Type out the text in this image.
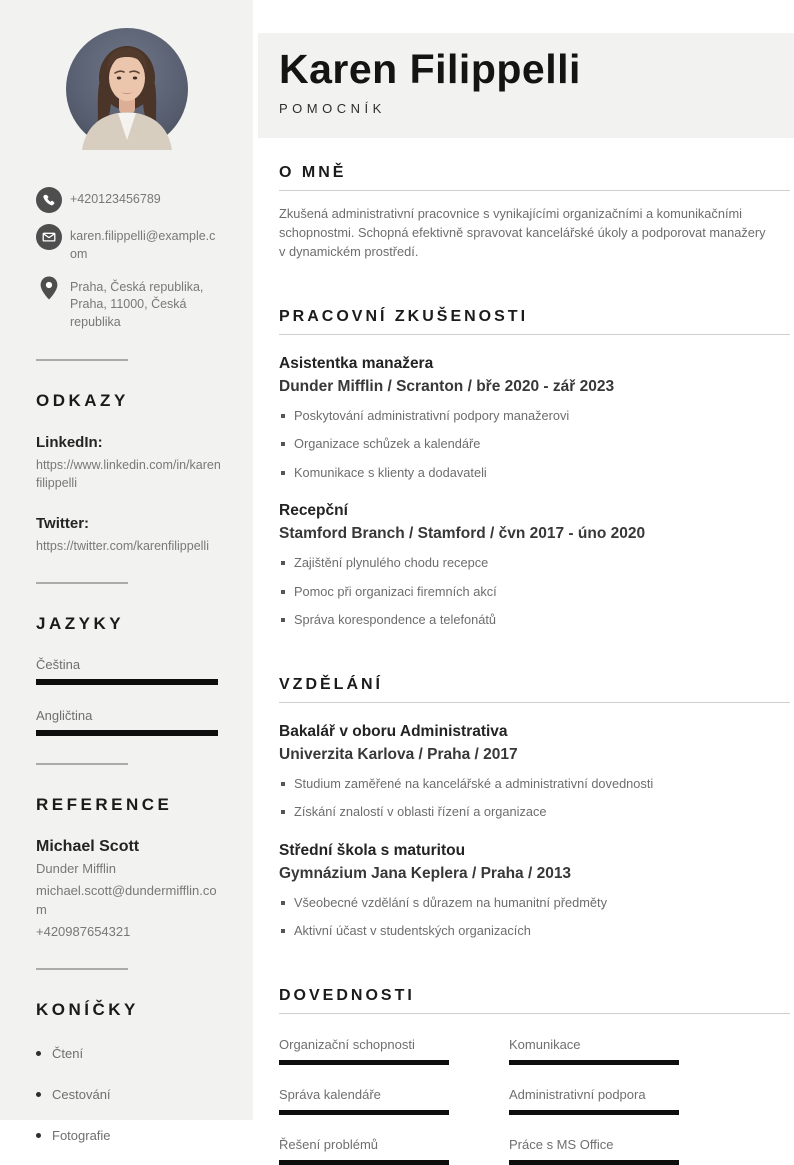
+420123456789
karen.filippelli@example.com
Praha, Česká republika, Praha, 11000, Česká republika
ODKAZY
LinkedIn:
https://www.linkedin.com/in/karenfilippelli
Twitter:
https://twitter.com/karenfilippelli
JAZYKY
Čeština
Angličtina
REFERENCE
Michael Scott
Dunder Mifflin
michael.scott@dundermifflin.com
+420987654321
KONÍČKY
Čtení
Cestování
Fotografie
Karen Filippelli
POMOCNÍK
O MNĚ

Zkušená administrativní pracovnice s vynikajícími organizačními a komunikačními schopnostmi. Schopná efektivně spravovat kancelářské úkoly a podporovat manažery v dynamickém prostředí.

PRACOVNÍ ZKUŠENOSTI
Asistentka manažera
Dunder Mifflin / Scranton / bře 2020 - zář 2023
Poskytování administrativní podpory manažerovi
Organizace schůzek a kalendáře
Komunikace s klienty a dodavateli
Recepční
Stamford Branch / Stamford / čvn 2017 - úno 2020
Zajištění plynulého chodu recepce
Pomoc při organizaci firemních akcí
Správa korespondence a telefonátů
VZDĚLÁNÍ
Bakalář v oboru Administrativa
Univerzita Karlova / Praha / 2017
Studium zaměřené na kancelářské a administrativní dovednosti
Získání znalostí v oblasti řízení a organizace
Střední škola s maturitou
Gymnázium Jana Keplera / Praha / 2013
Všeobecné vzdělání s důrazem na humanitní předměty
Aktivní účast v studentských organizacích
DOVEDNOSTI
Organizační schopnosti	Komunikace
Správa kalendáře	Administrativní podpora
Řešení problémů	Práce s MS Office
